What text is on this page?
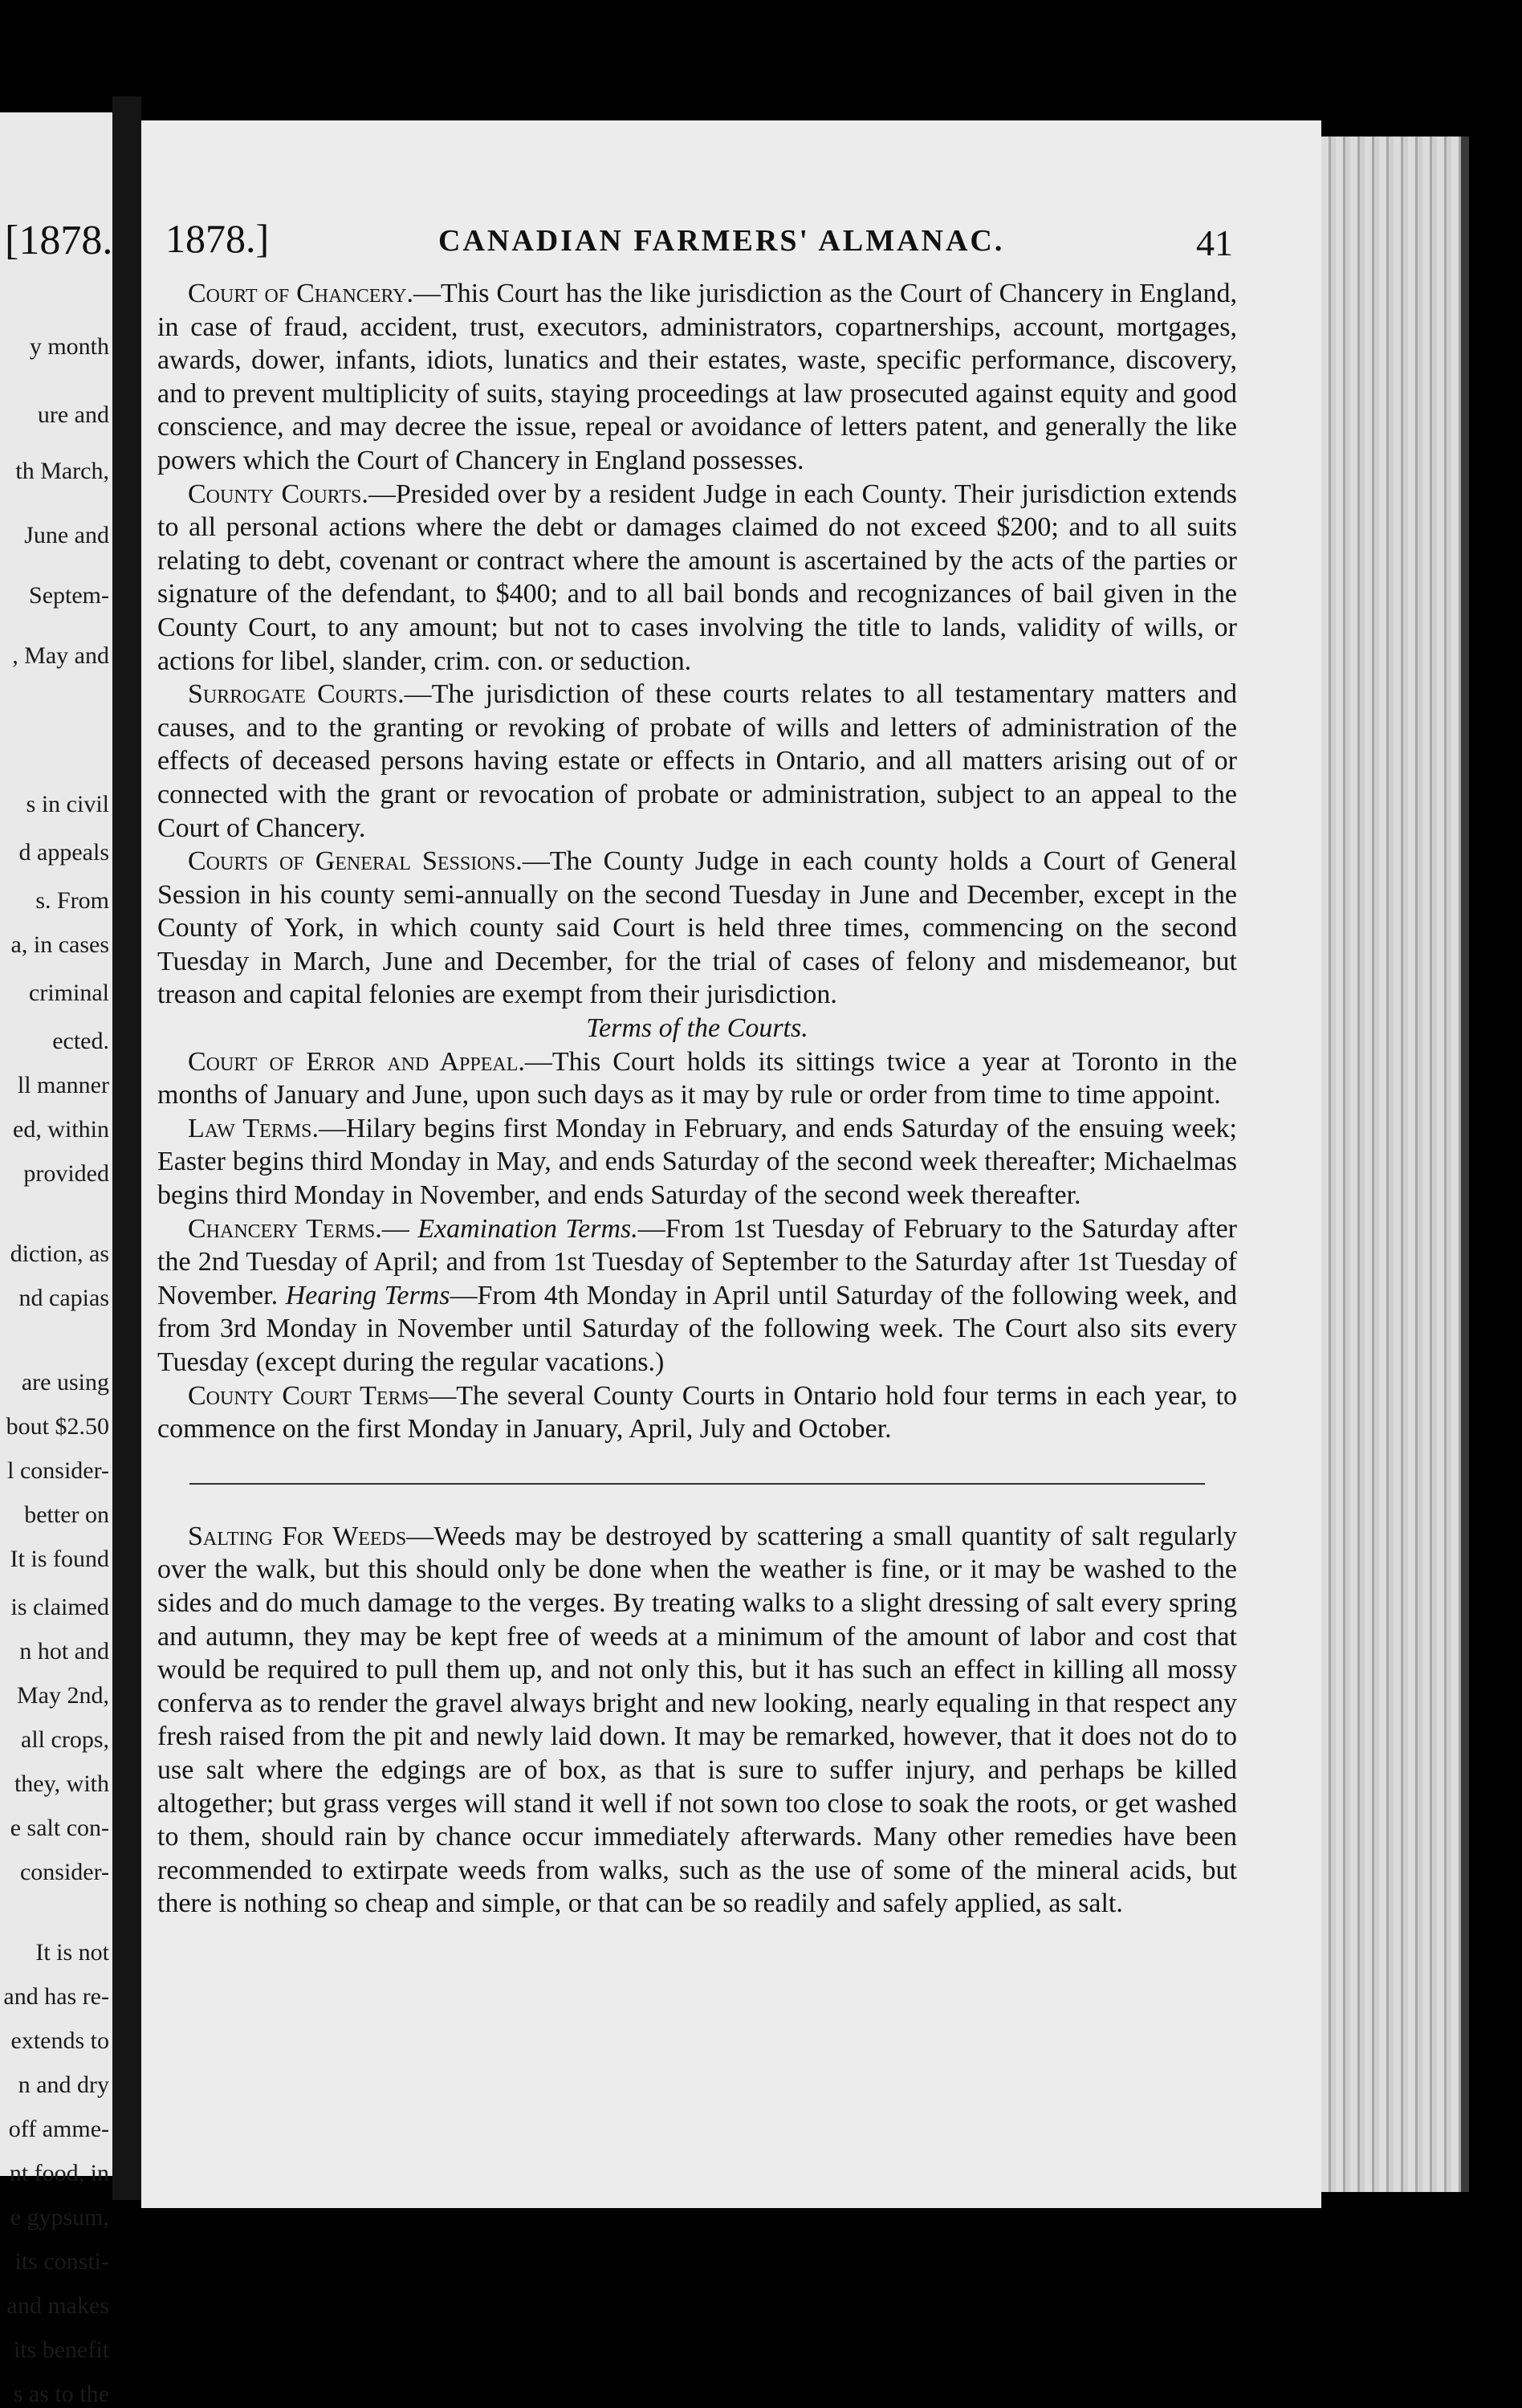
[1878.
y month
ure and
th March,
June and
Septem-
, May and
s in civil
d appeals
s. From
a, in cases
criminal
ected.
ll manner
ed, within
provided
diction, as
nd capias
are using
bout $2.50
l consider-
better on
It is found
is claimed
n hot and
May 2nd,
all crops,
they, with
e salt con-
consider-
It is not
and has re-
extends to
n and dry
off amme-
nt food, in
e gypsum,
its consti-
and makes
its benefit
s as to the
1878.]	CANADIAN FARMERS' ALMANAC.	41

Court of Chancery.—This Court has the like jurisdiction as the Court of Chancery in England, in case of fraud, accident, trust, executors, administrators, copartnerships, account, mortgages, awards, dower, infants, idiots, lunatics and their estates, waste, specific performance, discovery, and to prevent multiplicity of suits, staying proceedings at law prosecuted against equity and good conscience, and may decree the issue, repeal or avoidance of letters patent, and generally the like powers which the Court of Chancery in England possesses.

County Courts.—Presided over by a resident Judge in each County. Their jurisdiction extends to all personal actions where the debt or damages claimed do not exceed $200; and to all suits relating to debt, covenant or contract where the amount is ascertained by the acts of the parties or signature of the defendant, to $400; and to all bail bonds and recognizances of bail given in the County Court, to any amount; but not to cases involving the title to lands, validity of wills, or actions for libel, slander, crim. con. or seduction.

Surrogate Courts.—The jurisdiction of these courts relates to all testamentary matters and causes, and to the granting or revoking of probate of wills and letters of administration of the effects of deceased persons having estate or effects in Ontario, and all matters arising out of or connected with the grant or revocation of probate or administration, subject to an appeal to the Court of Chancery.

Courts of General Sessions.—The County Judge in each county holds a Court of General Session in his county semi-annually on the second Tuesday in June and December, except in the County of York, in which county said Court is held three times, commencing on the second Tuesday in March, June and December, for the trial of cases of felony and misdemeanor, but treason and capital felonies are exempt from their jurisdiction.

Terms of the Courts.

Court of Error and Appeal.—This Court holds its sittings twice a year at Toronto in the months of January and June, upon such days as it may by rule or order from time to time appoint.

Law Terms.—Hilary begins first Monday in February, and ends Saturday of the ensuing week; Easter begins third Monday in May, and ends Saturday of the second week thereafter; Michaelmas begins third Monday in November, and ends Saturday of the second week thereafter.

Chancery Terms.— Examination Terms.—From 1st Tuesday of February to the Saturday after the 2nd Tuesday of April; and from 1st Tuesday of September to the Saturday after 1st Tuesday of November. Hearing Terms—From 4th Monday in April until Saturday of the following week, and from 3rd Monday in November until Saturday of the following week. The Court also sits every Tuesday (except during the regular vacations.)

County Court Terms—The several County Courts in Ontario hold four terms in each year, to commence on the first Monday in January, April, July and October.

Salting For Weeds—Weeds may be destroyed by scattering a small quantity of salt regularly over the walk, but this should only be done when the weather is fine, or it may be washed to the sides and do much damage to the verges. By treating walks to a slight dressing of salt every spring and autumn, they may be kept free of weeds at a minimum of the amount of labor and cost that would be required to pull them up, and not only this, but it has such an effect in killing all mossy conferva as to render the gravel always bright and new looking, nearly equaling in that respect any fresh raised from the pit and newly laid down. It may be remarked, however, that it does not do to use salt where the edgings are of box, as that is sure to suffer injury, and perhaps be killed altogether; but grass verges will stand it well if not sown too close to soak the roots, or get washed to them, should rain by chance occur immediately afterwards. Many other remedies have been recommended to extirpate weeds from walks, such as the use of some of the mineral acids, but there is nothing so cheap and simple, or that can be so readily and safely applied, as salt.
